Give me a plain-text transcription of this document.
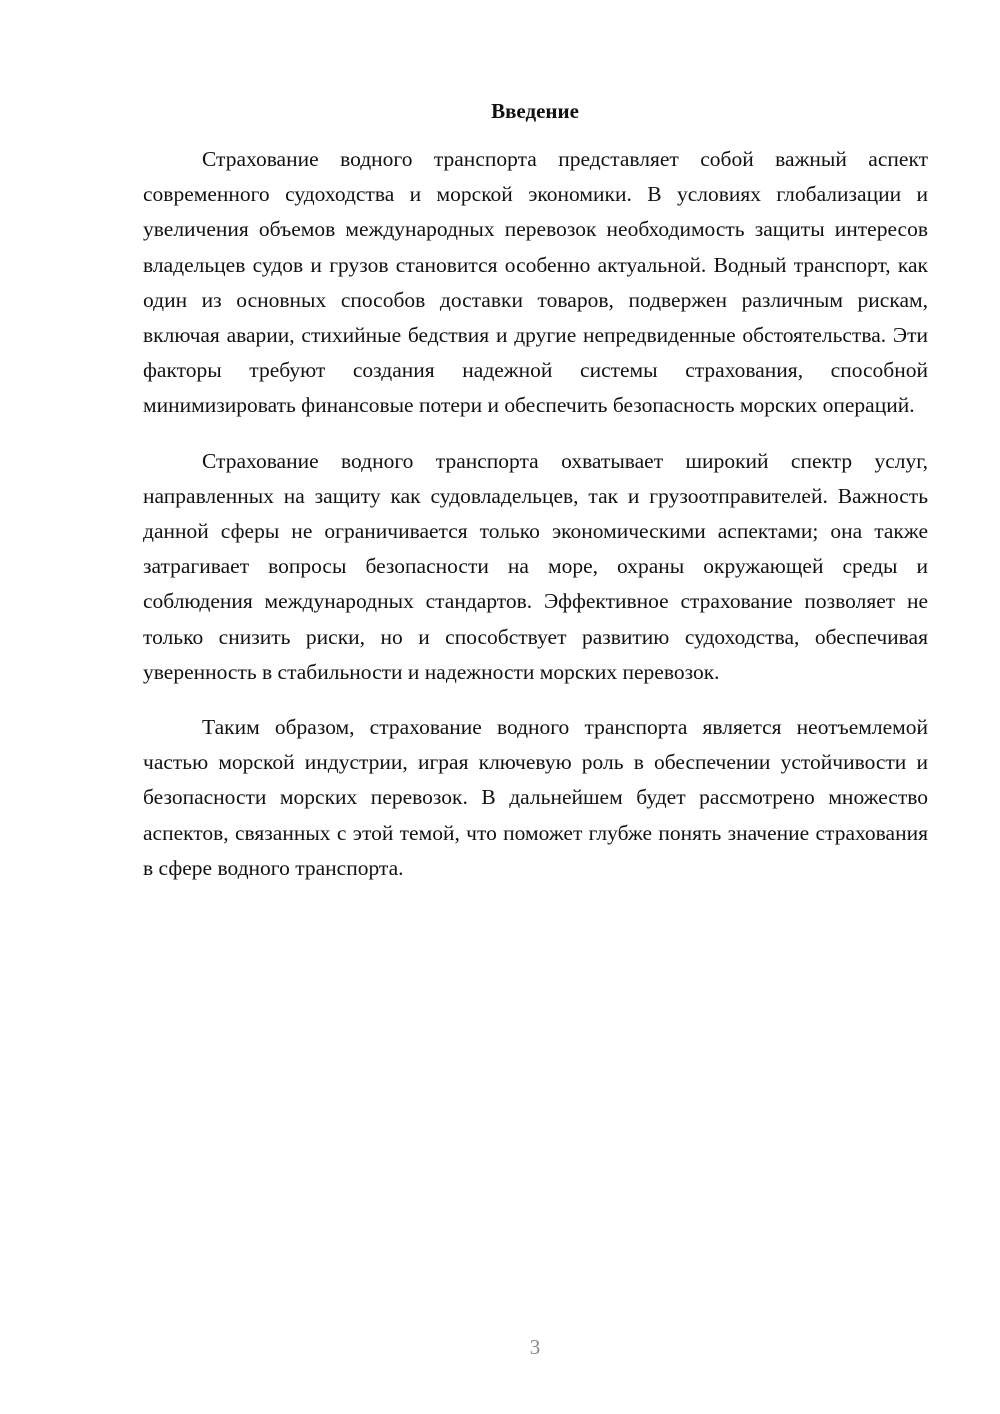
Введение

Страхование водного транспорта представляет собой важный аспект современного судоходства и морской экономики. В условиях глобализации и увеличения объемов международных перевозок необходимость защиты интересов владельцев судов и грузов становится особенно актуальной. Водный транспорт, как один из основных способов доставки товаров, подвержен различным рискам, включая аварии, стихийные бедствия и другие непредвиденные обстоятельства. Эти факторы требуют создания надежной системы страхования, способной минимизировать финансовые потери и обеспечить безопасность морских операций.

Страхование водного транспорта охватывает широкий спектр услуг, направленных на защиту как судовладельцев, так и грузоотправителей. Важность данной сферы не ограничивается только экономическими аспектами; она также затрагивает вопросы безопасности на море, охраны окружающей среды и соблюдения международных стандартов. Эффективное страхование позволяет не только снизить риски, но и способствует развитию судоходства, обеспечивая уверенность в стабильности и надежности морских перевозок.

Таким образом, страхование водного транспорта является неотъемлемой частью морской индустрии, играя ключевую роль в обеспечении устойчивости и безопасности морских перевозок. В дальнейшем будет рассмотрено множество аспектов, связанных с этой темой, что поможет глубже понять значение страхования в сфере водного транспорта.

3
